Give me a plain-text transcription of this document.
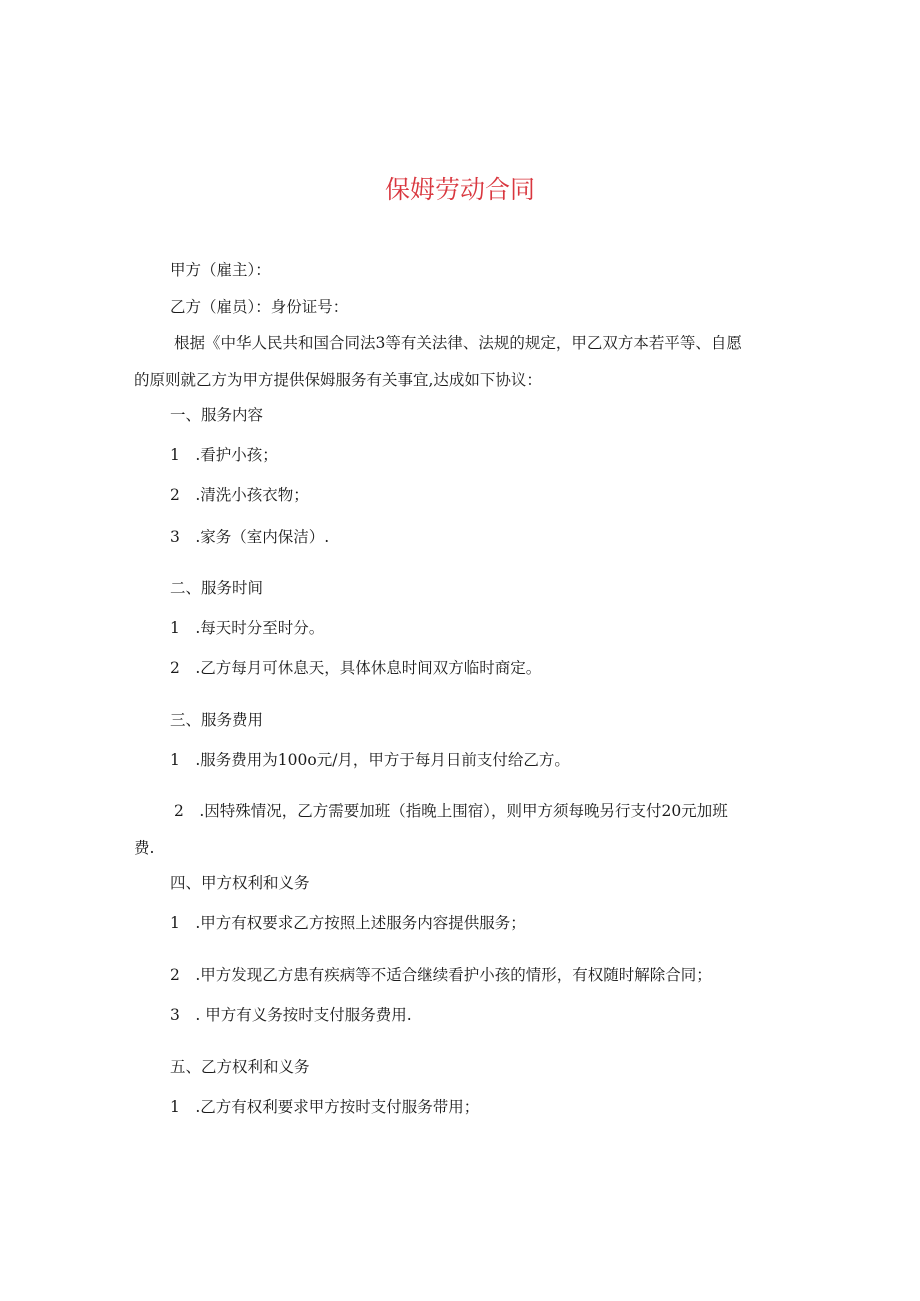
保姆劳动合同
甲方（雇主）：
乙方（雇员）：身份证号：
根据《中华人民共和国合同法3等有关法律、法规的规定，甲乙双方本若平等、自愿
的原则就乙方为甲方提供保姆服务有关事宜,达成如下协议：
一、服务内容
1　.看护小孩；
2　.清洗小孩衣物；
3　.家务（室内保洁）.
二、服务时间
1　.每天时分至时分。
2　.乙方每月可休息天，具体休息时间双方临时商定。
三、服务费用
1　.服务费用为100o元/月，甲方于每月日前支付给乙方。
2　.因特殊情况，乙方需要加班（指晚上围宿），则甲方须每晚另行支付20元加班
费.
四、甲方权利和义务
1　.甲方有权要求乙方按照上述服务内容提供服务；
2　.甲方发现乙方患有疾病等不适合继续看护小孩的情形，有权随时解除合同；
3　. 甲方有义务按时支付服务费用.
五、乙方权利和义务
1　.乙方有权利要求甲方按时支付服务带用；
